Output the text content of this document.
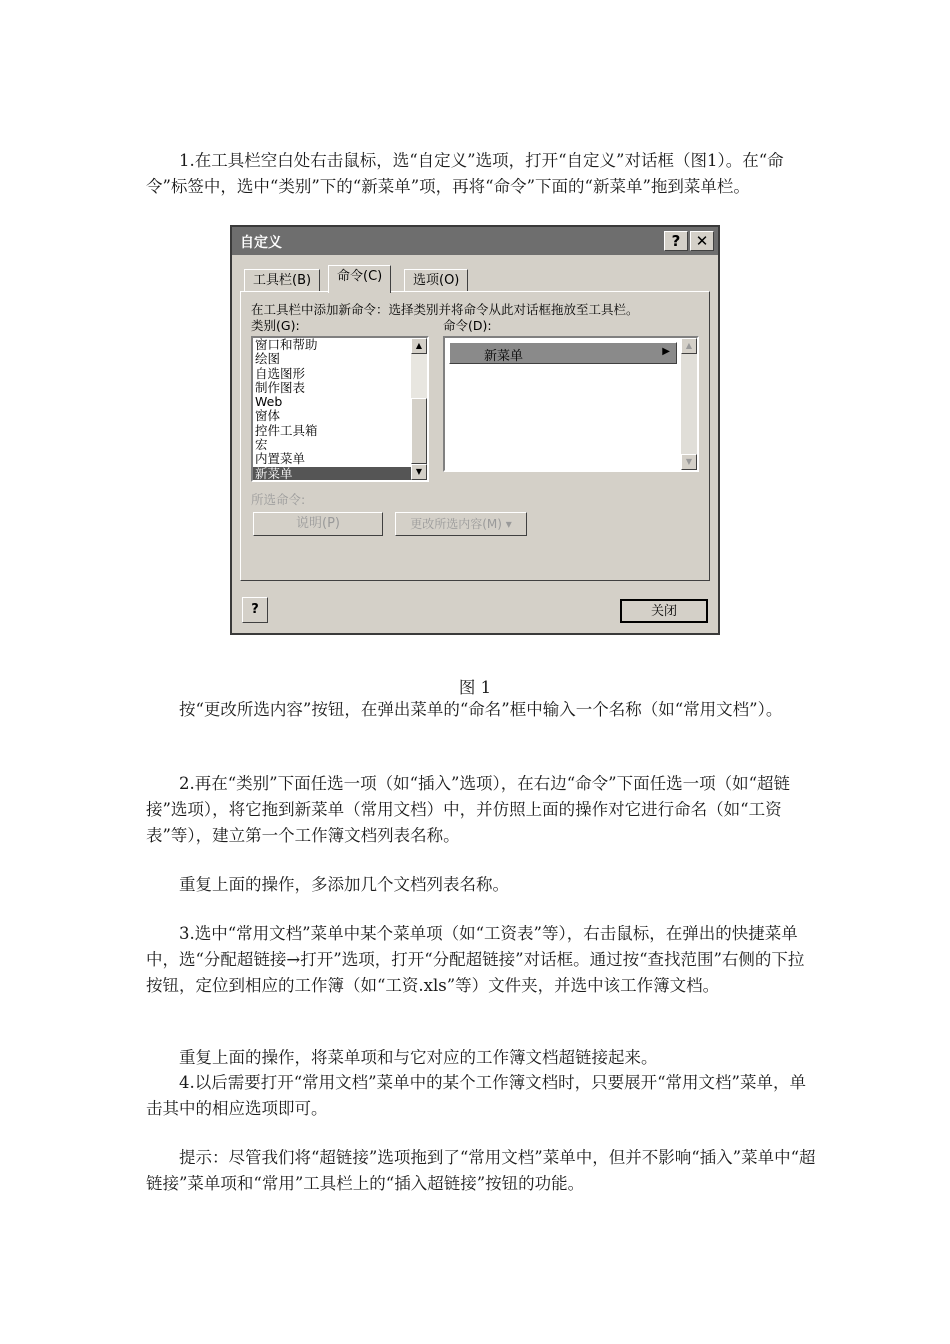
　　1.在工具栏空白处右击鼠标，选“自定义”选项，打开“自定义”对话框（图1）。在“命令”标签中，选中“类别”下的“新菜单”项，再将“命令”下面的“新菜单”拖到菜单栏。

自定义	?	✕
工具栏(B)	命令(C)	选项(O)
在工具栏中添加新命令：选择类别并将命令从此对话框拖放至工具栏。
类别(G):	命令(D):
窗口和帮助
绘图
自选图形
制作图表
Web
窗体
控件工具箱
宏
内置菜单
新菜单
▲
▼
新菜单	▶
▲
▼
所选命令:
说明(P)	更改所选内容(M) ▾
?	关闭
图 1

　　按“更改所选内容”按钮，在弹出菜单的“命名”框中输入一个名称（如“常用文档”）。

　　2.再在“类别”下面任选一项（如“插入”选项），在右边“命令”下面任选一项（如“超链接”选项），将它拖到新菜单（常用文档）中，并仿照上面的操作对它进行命名（如“工资表”等），建立第一个工作簿文档列表名称。

　　重复上面的操作，多添加几个文档列表名称。

　　3.选中“常用文档”菜单中某个菜单项（如“工资表”等），右击鼠标，在弹出的快捷菜单中，选“分配超链接→打开”选项，打开“分配超链接”对话框。通过按“查找范围”右侧的下拉按钮，定位到相应的工作簿（如“工资.xls”等）文件夹，并选中该工作簿文档。

　　重复上面的操作，将菜单项和与它对应的工作簿文档超链接起来。

　　4.以后需要打开“常用文档”菜单中的某个工作簿文档时，只要展开“常用文档”菜单，单击其中的相应选项即可。

　　提示：尽管我们将“超链接”选项拖到了“常用文档”菜单中，但并不影响“插入”菜单中“超链接”菜单项和“常用”工具栏上的“插入超链接”按钮的功能。
